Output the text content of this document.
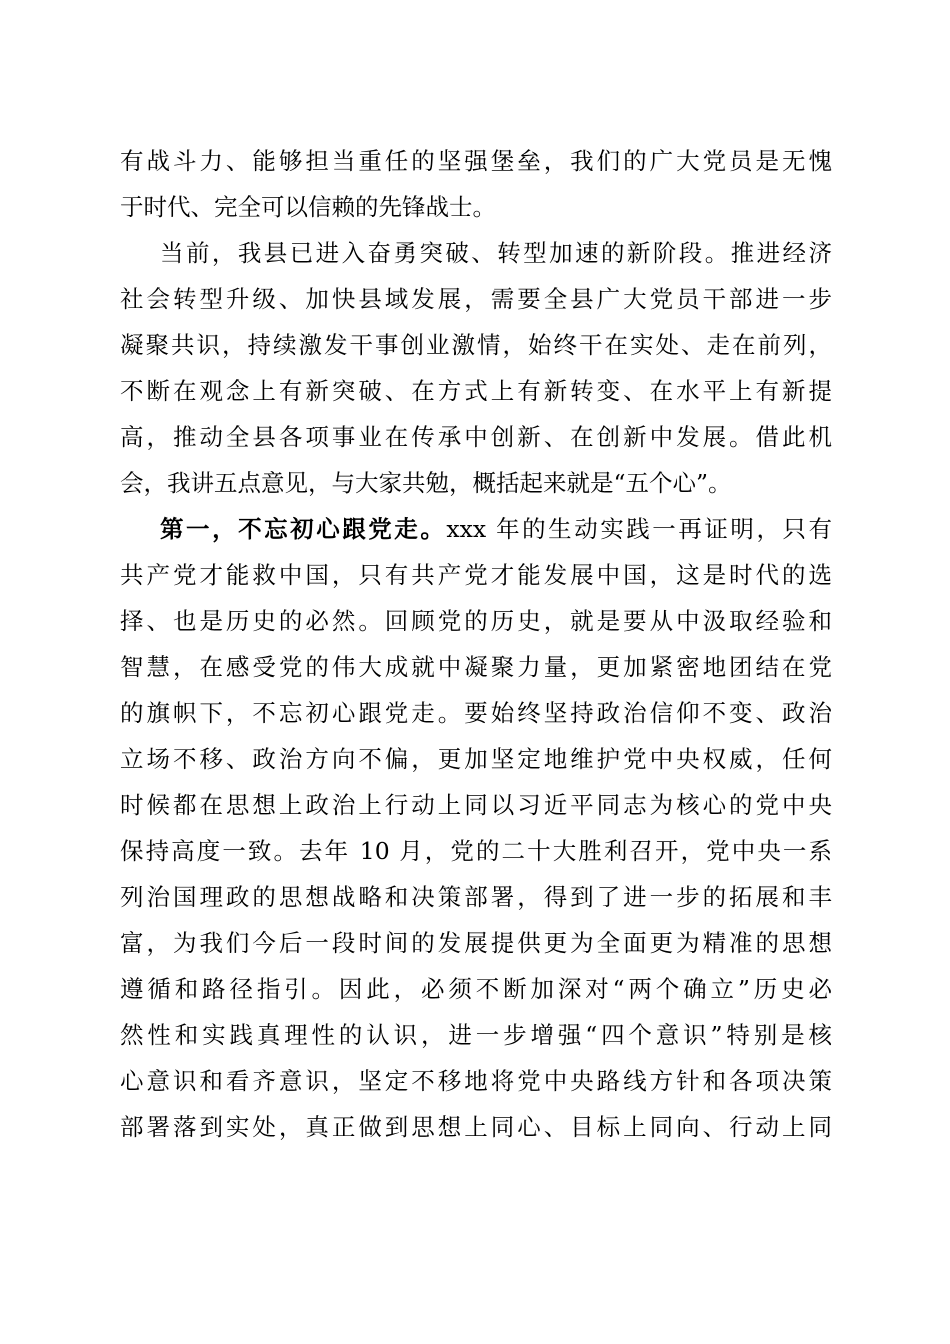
有战斗力、能够担当重任的坚强堡垒，我们的广大党员是无愧
于时代、完全可以信赖的先锋战士。
当前，我县已进入奋勇突破、转型加速的新阶段。推进经济
社会转型升级、加快县域发展，需要全县广大党员干部进一步
凝聚共识，持续激发干事创业激情，始终干在实处、走在前列，
不断在观念上有新突破、在方式上有新转变、在水平上有新提
高，推动全县各项事业在传承中创新、在创新中发展。借此机
会，我讲五点意见，与大家共勉，概括起来就是“五个心”。
第一，不忘初心跟党走。xxx 年的生动实践一再证明，只有
共产党才能救中国，只有共产党才能发展中国，这是时代的选
择、也是历史的必然。回顾党的历史，就是要从中汲取经验和
智慧，在感受党的伟大成就中凝聚力量，更加紧密地团结在党
的旗帜下，不忘初心跟党走。要始终坚持政治信仰不变、政治
立场不移、政治方向不偏，更加坚定地维护党中央权威，任何
时候都在思想上政治上行动上同以习近平同志为核心的党中央
保持高度一致。去年 10 月，党的二十大胜利召开，党中央一系
列治国理政的思想战略和决策部署，得到了进一步的拓展和丰
富，为我们今后一段时间的发展提供更为全面更为精准的思想
遵循和路径指引。因此，必须不断加深对“两个确立”历史必
然性和实践真理性的认识，进一步增强“四个意识”特别是核
心意识和看齐意识，坚定不移地将党中央路线方针和各项决策
部署落到实处，真正做到思想上同心、目标上同向、行动上同
